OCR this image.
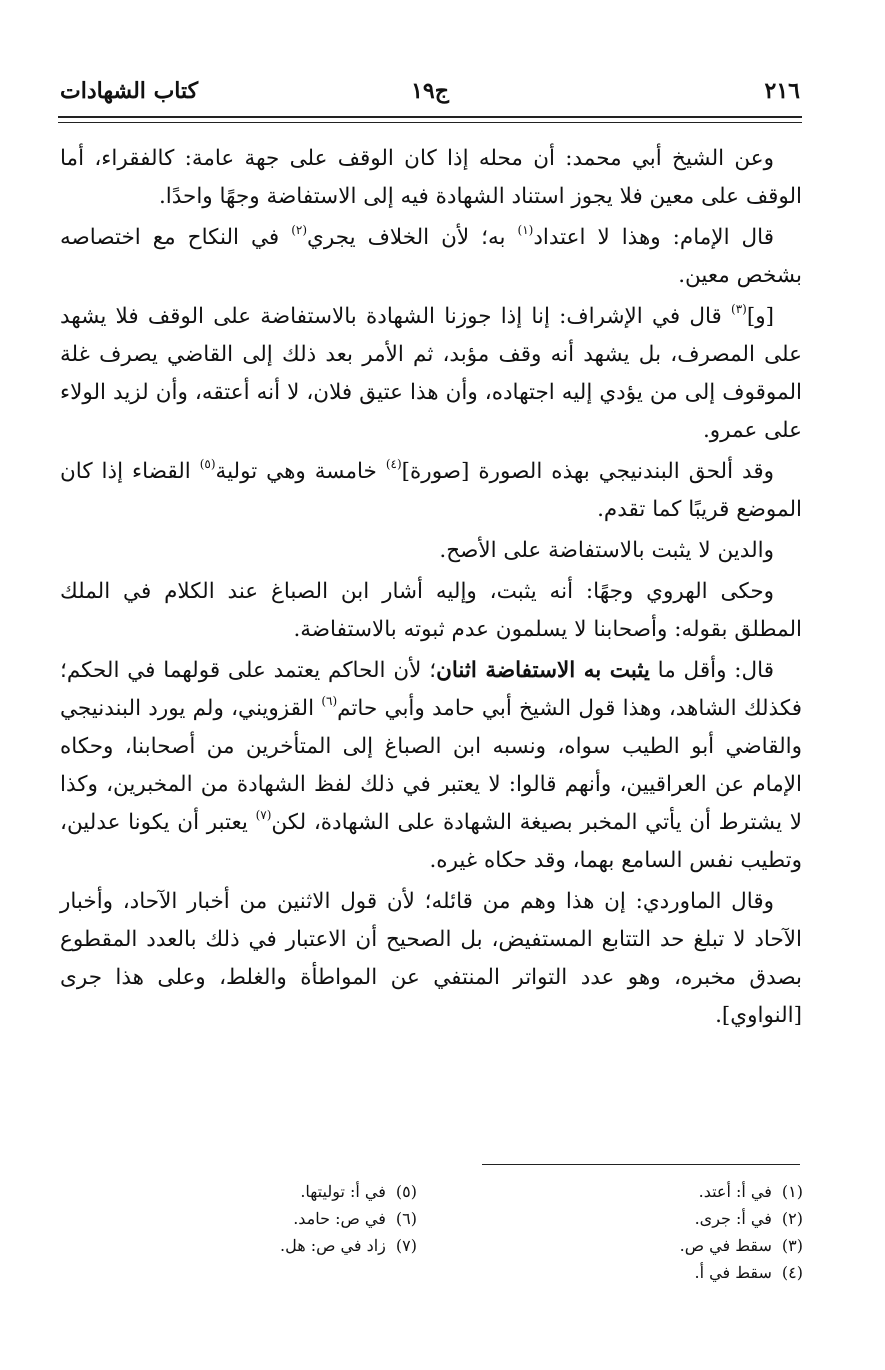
٢١٦
ج١٩
كتاب الشهادات

وعن الشيخ أبي محمد: أن محله إذا كان الوقف على جهة عامة: كالفقراء، أما الوقف على معين فلا يجوز استناد الشهادة فيه إلى الاستفاضة وجهًا واحدًا.

قال الإمام: وهذا لا اعتداد$^{(١)}$ به؛ لأن الخلاف يجري$^{(٢)}$ في النكاح مع اختصاصه بشخص معين.

[و]$^{(٣)}$ قال في الإشراف: إنا إذا جوزنا الشهادة بالاستفاضة على الوقف فلا يشهد على المصرف، بل يشهد أنه وقف مؤبد، ثم الأمر بعد ذلك إلى القاضي يصرف غلة الموقوف إلى من يؤدي إليه اجتهاده، وأن هذا عتيق فلان، لا أنه أعتقه، وأن لزيد الولاء على عمرو.

وقد ألحق البندنيجي بهذه الصورة [صورة]$^{(٤)}$ خامسة وهي تولية$^{(٥)}$ القضاء إذا كان الموضع قريبًا كما تقدم.

والدين لا يثبت بالاستفاضة على الأصح.

وحكى الهروي وجهًا: أنه يثبت، وإليه أشار ابن الصباغ عند الكلام في الملك المطلق بقوله: وأصحابنا لا يسلمون عدم ثبوته بالاستفاضة.

قال: وأقل ما يثبت به الاستفاضة اثنان؛ لأن الحاكم يعتمد على قولهما في الحكم؛ فكذلك الشاهد، وهذا قول الشيخ أبي حامد وأبي حاتم$^{(٦)}$ القزويني، ولم يورد البندنيجي والقاضي أبو الطيب سواه، ونسبه ابن الصباغ إلى المتأخرين من أصحابنا، وحكاه الإمام عن العراقيين، وأنهم قالوا: لا يعتبر في ذلك لفظ الشهادة من المخبرين، وكذا لا يشترط أن يأتي المخبر بصيغة الشهادة على الشهادة، لكن$^{(٧)}$ يعتبر أن يكونا عدلين، وتطيب نفس السامع بهما، وقد حكاه غيره.

وقال الماوردي: إن هذا وهم من قائله؛ لأن قول الاثنين من أخبار الآحاد، وأخبار الآحاد لا تبلغ حد التتابع المستفيض، بل الصحيح أن الاعتبار في ذلك بالعدد المقطوع بصدق مخبره، وهو عدد التواتر المنتفي عن المواطأة والغلط، وعلى هذا جرى [النواوي].

(١)
في أ: أعتد.
(٢)
في أ: جرى.
(٣)
سقط في ص.
(٤)
سقط في أ.
(٥)
في أ: توليتها.
(٦)
في ص: حامد.
(٧)
زاد في ص: هل.
